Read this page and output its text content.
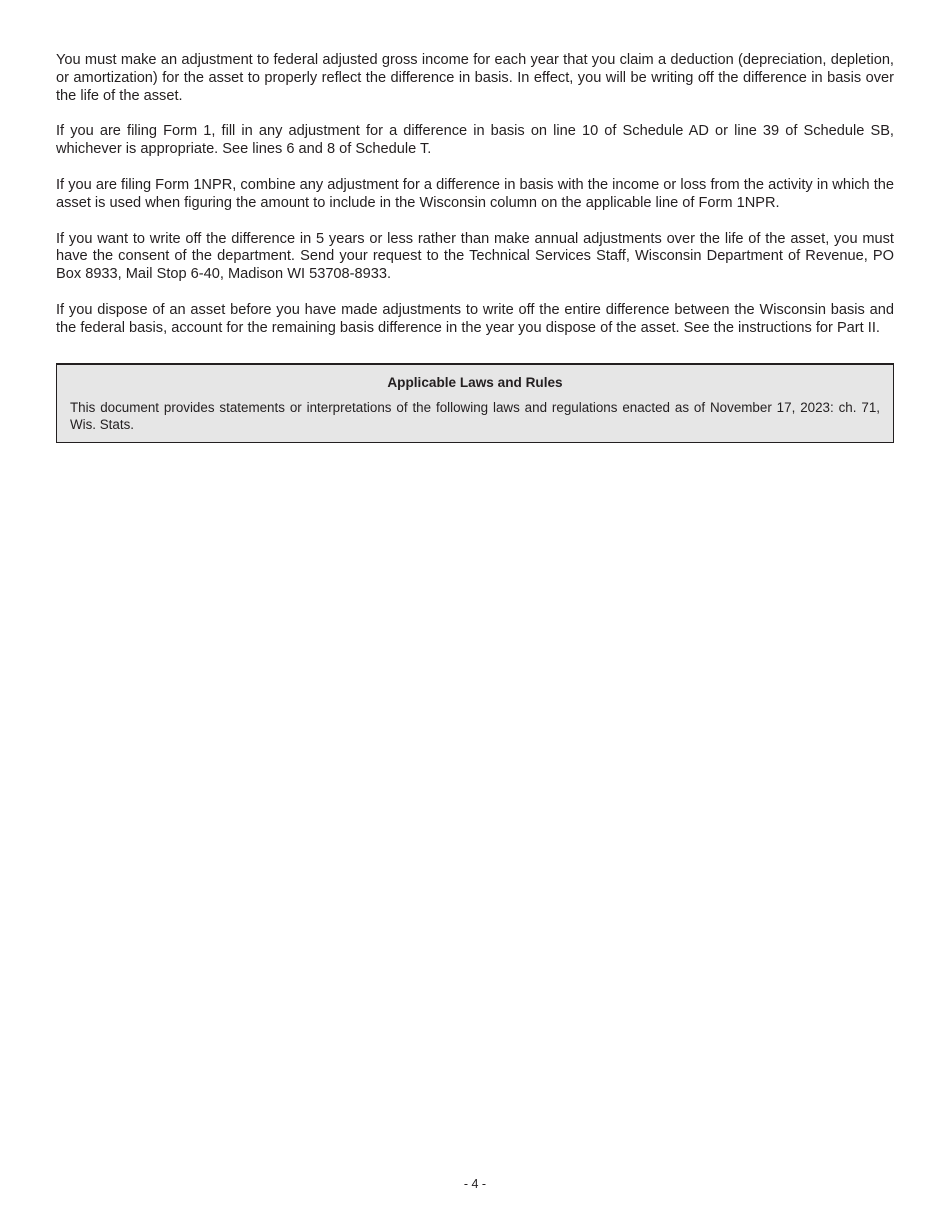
You must make an adjustment to federal adjusted gross income for each year that you claim a deduction (depreciation, depletion, or amortization) for the asset to properly reflect the difference in basis. In effect, you will be writing off the difference in basis over the life of the asset.

If you are filing Form 1, fill in any adjustment for a difference in basis on line 10 of Schedule AD or line 39 of Schedule SB, whichever is appropriate. See lines 6 and 8 of Schedule T.

If you are filing Form 1NPR, combine any adjustment for a difference in basis with the income or loss from the activity in which the asset is used when figuring the amount to include in the Wisconsin column on the applicable line of Form 1NPR.

If you want to write off the difference in 5 years or less rather than make annual adjustments over the life of the asset, you must have the consent of the department. Send your request to the Technical Services Staff, Wisconsin Department of Revenue, PO Box 8933, Mail Stop 6-40, Madison WI 53708-8933.

If you dispose of an asset before you have made adjustments to write off the entire difference between the Wisconsin basis and the federal basis, account for the remaining basis difference in the year you dispose of the asset. See the instructions for Part II.

Applicable Laws and Rules

This document provides statements or interpretations of the following laws and regulations enacted as of November 17, 2023: ch. 71, Wis. Stats.

- 4 -
